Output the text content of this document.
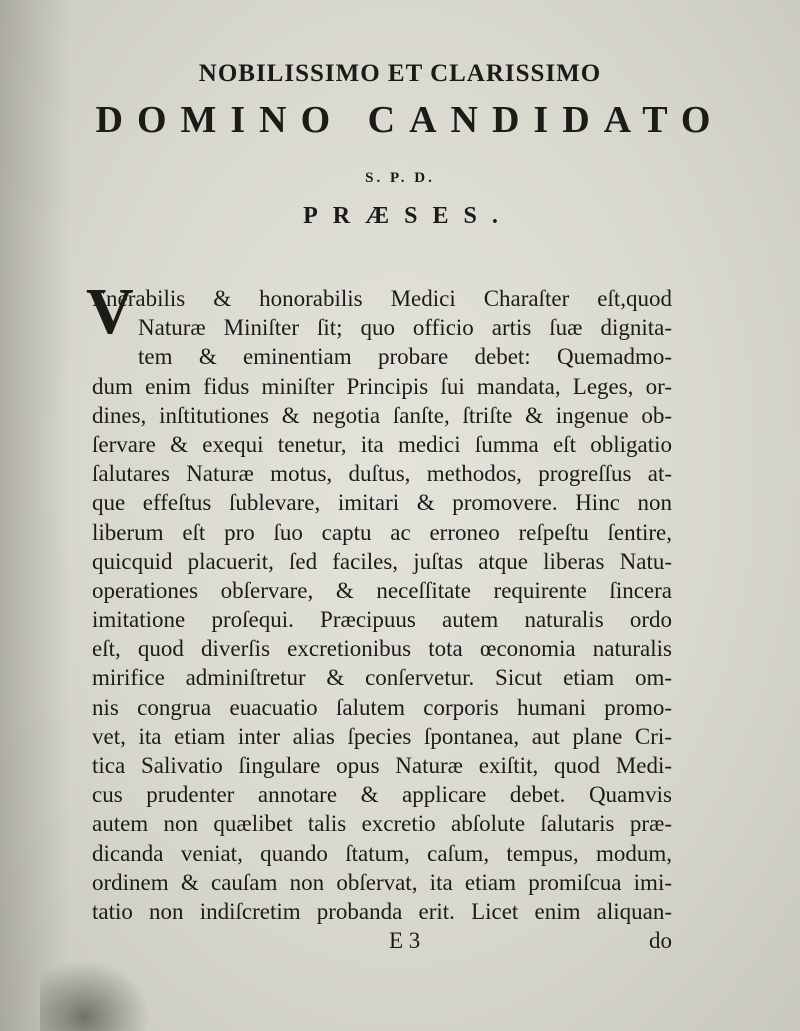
NOBILISSIMO ET CLARISSIMO
DOMINO CANDIDATO
S. P. D.
PRÆSES.
V
Enerabilis & honorabilis Medici Charaſter eſt,quod
Naturæ Miniſter ſit; quo officio artis ſuæ dignita-
tem & eminentiam probare debet: Quemadmo-
dum enim fidus miniſter Principis ſui mandata, Leges, or-
dines, inſtitutiones & negotia ſanſte, ſtriſte & ingenue ob-
ſervare & exequi tenetur, ita medici ſumma eſt obligatio
ſalutares Naturæ motus, duſtus, methodos, progreſſus at-
que effeſtus ſublevare, imitari & promovere. Hinc non
liberum eſt pro ſuo captu ac erroneo reſpeſtu ſentire,
quicquid placuerit, ſed faciles, juſtas atque liberas Natu-
operationes obſervare, & neceſſitate requirente ſincera
imitatione proſequi. Præcipuus autem naturalis ordo
eſt, quod diverſis excretionibus tota œconomia naturalis
mirifice adminiſtretur & conſervetur. Sicut etiam om-
nis congrua euacuatio ſalutem corporis humani promo-
vet, ita etiam inter alias ſpecies ſpontanea, aut plane Cri-
tica Salivatio ſingulare opus Naturæ exiſtit, quod Medi-
cus prudenter annotare & applicare debet. Quamvis
autem non quælibet talis excretio abſolute ſalutaris præ-
dicanda veniat, quando ſtatum, caſum, tempus, modum,
ordinem & cauſam non obſervat, ita etiam promiſcua imi-
tatio non indiſcretim probanda erit. Licet enim aliquan-
E 3	do
